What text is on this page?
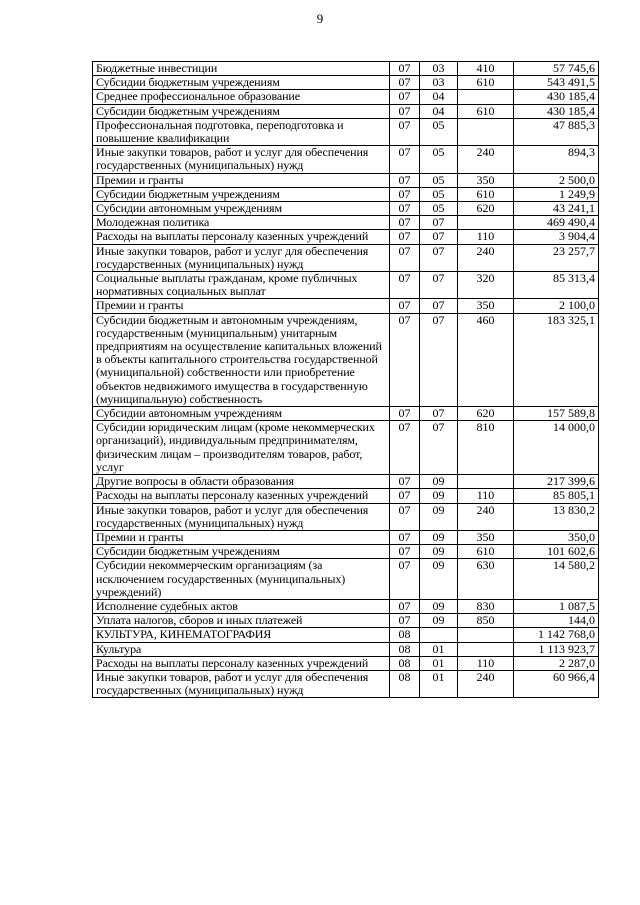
9
Бюджетные инвестиции	07	03	410	57 745,6
Субсидии бюджетным учреждениям	07	03	610	543 491,5
Среднее профессиональное образование	07	04		430 185,4
Субсидии бюджетным учреждениям	07	04	610	430 185,4
Профессиональная подготовка, переподготовка и повышение квалификации	07	05		47 885,3
Иные закупки товаров, работ и услуг для обеспечения государственных (муниципальных) нужд	07	05	240	894,3
Премии и гранты	07	05	350	2 500,0
Субсидии бюджетным учреждениям	07	05	610	1 249,9
Субсидии автономным учреждениям	07	05	620	43 241,1
Молодежная политика	07	07		469 490,4
Расходы на выплаты персоналу казенных учреждений	07	07	110	3 904,4
Иные закупки товаров, работ и услуг для обеспечения государственных (муниципальных) нужд	07	07	240	23 257,7
Социальные выплаты гражданам, кроме публичных нормативных социальных выплат	07	07	320	85 313,4
Премии и гранты	07	07	350	2 100,0
Субсидии бюджетным и автономным учреждениям, государственным (муниципальным) унитарным предприятиям на осуществление капитальных вложений в объекты капитального строительства государственной (муниципальной) собственности или приобретение объектов недвижимого имущества в государственную (муниципальную) собственность	07	07	460	183 325,1
Субсидии автономным учреждениям	07	07	620	157 589,8
Субсидии юридическим лицам (кроме некоммерческих организаций), индивидуальным предпринимателям, физическим лицам – производителям товаров, работ, услуг	07	07	810	14 000,0
Другие вопросы в области образования	07	09		217 399,6
Расходы на выплаты персоналу казенных учреждений	07	09	110	85 805,1
Иные закупки товаров, работ и услуг для обеспечения государственных (муниципальных) нужд	07	09	240	13 830,2
Премии и гранты	07	09	350	350,0
Субсидии бюджетным учреждениям	07	09	610	101 602,6
Субсидии некоммерческим организациям (за исключением государственных (муниципальных) учреждений)	07	09	630	14 580,2
Исполнение судебных актов	07	09	830	1 087,5
Уплата налогов, сборов и иных платежей	07	09	850	144,0
КУЛЬТУРА, КИНЕМАТОГРАФИЯ	08			1 142 768,0
Культура	08	01		1 113 923,7
Расходы на выплаты персоналу казенных учреждений	08	01	110	2 287,0
Иные закупки товаров, работ и услуг для обеспечения государственных (муниципальных) нужд	08	01	240	60 966,4
